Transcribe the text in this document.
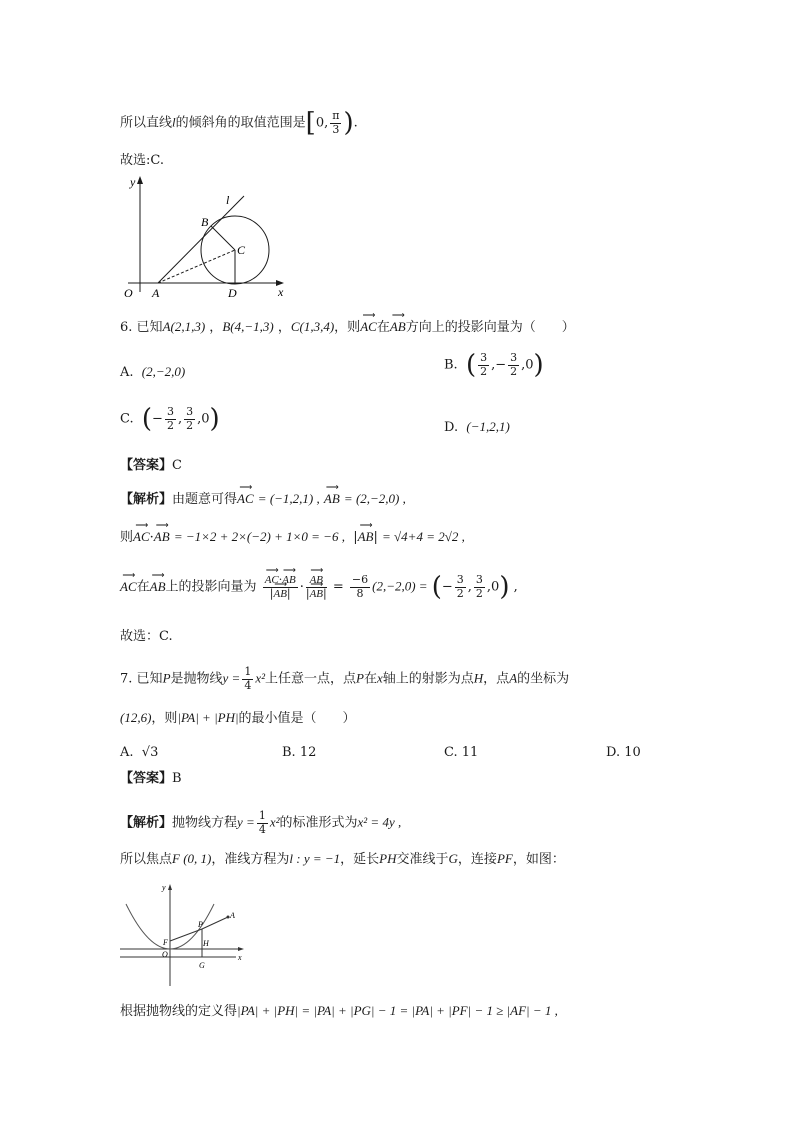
所以直线l的倾斜角的取值范围是[0, $\frac{\pi}{3}$ ).
故选:C.
y
x
O A
B
C
D
l
6. 已知A(2,1,3) ，B(4,−1,3) ，C(1,3,4)，则⟶ AC在⟶ AB方向上的投影向量为（　　）
A. (2,−2,0)	B. ( $\frac{3}{2}$ ,− $\frac{3}{2} ,0$)
C. (− $\frac{3}{2}$ , $\frac{3}{2} ,0$)	D. (−1,2,1)
【答案】C
【解析】由题意可得⟶ AC = (−1,2,1) , ⟶ AB = (2,−2,0) ,
则⟶ AC·⟶ AB = −1×2 + 2×(−2) + 1×0 = −6 ,  |⟶ AB| = √4+4 = 2√2 ,
⟶ AC在⟶ AB上的投影向量为 ⟶ $\frac{AC\cdot⟶ AB}{|⟶ AB|}$ · ⟶ $\frac{AB}{|⟶ AB|} = \frac{-6}{8} (2,-2,0)$ = (− $\frac{3}{2}$ , $\frac{3}{2} ,0$) ,
故选：C.
7. 已知P是抛物线$y = \frac{1}{4} x^2$上任意一点，点P在x轴上的射影为点H，点A的坐标为
(12,6)，则|PA| + |PH|的最小值是（　　）
A. √3	B. 12	C. 11	D. 10
【答案】B
【解析】抛物线方程$y = \frac{1}{4} x^2$的标准形式为x² = 4y ,
所以焦点F (0, 1)，准线方程为l : y = −1，延长PH交准线于G，连接PF，如图：
y
x
O
F
P
A
H
G
根据抛物线的定义得|PA| + |PH| = |PA| + |PG| − 1 = |PA| + |PF| − 1 ≥ |AF| − 1 ,
